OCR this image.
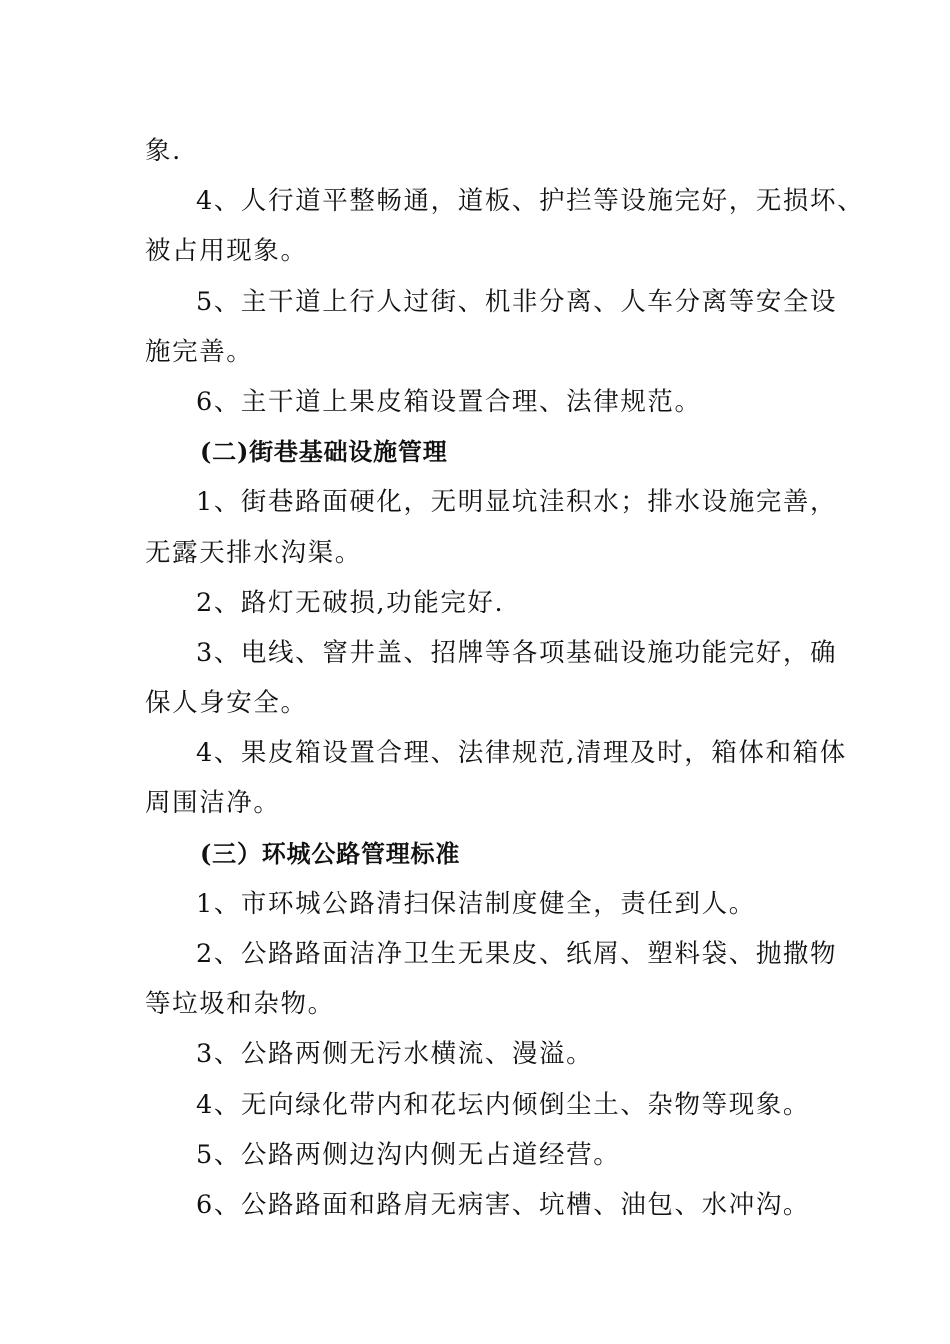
象.
4、人行道平整畅通，道板、护拦等设施完好，无损坏、
被占用现象。
5、主干道上行人过街、机非分离、人车分离等安全设
施完善。
6、主干道上果皮箱设置合理、法律规范。
(二)街巷基础设施管理
1、街巷路面硬化，无明显坑洼积水；排水设施完善，
无露天排水沟渠。
2、路灯无破损,功能完好.
3、电线、窨井盖、招牌等各项基础设施功能完好，确
保人身安全。
4、果皮箱设置合理、法律规范,清理及时，箱体和箱体
周围洁净。
(三）环城公路管理标准
1、市环城公路清扫保洁制度健全，责任到人。
2、公路路面洁净卫生无果皮、纸屑、塑料袋、抛撒物
等垃圾和杂物。
3、公路两侧无污水横流、漫溢。
4、无向绿化带内和花坛内倾倒尘土、杂物等现象。
5、公路两侧边沟内侧无占道经营。
6、公路路面和路肩无病害、坑槽、油包、水冲沟。
